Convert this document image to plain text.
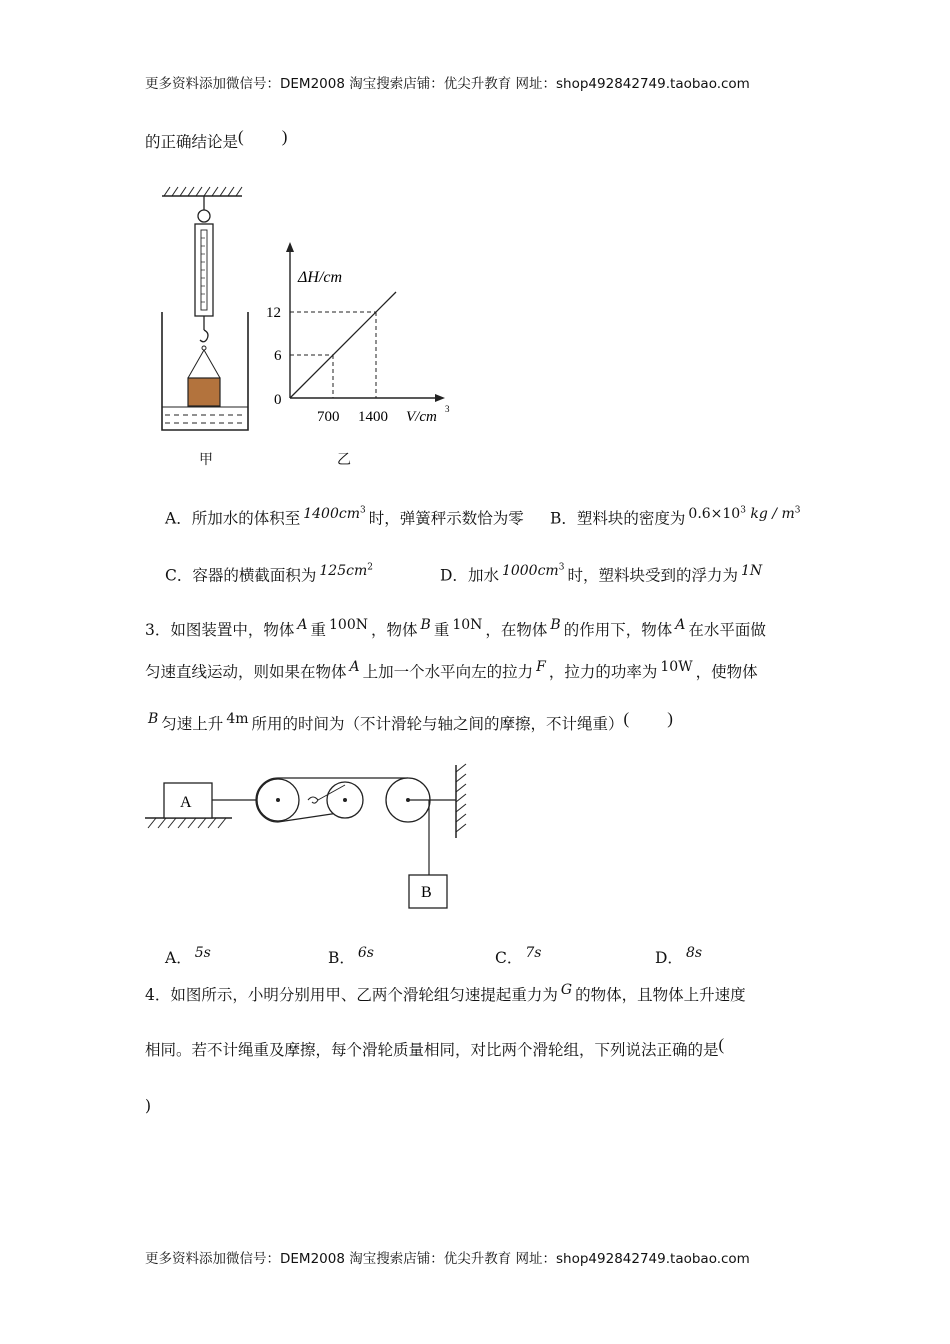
更多资料添加微信号：DEM2008 淘宝搜索店铺：优尖升教育 网址：shop492842749.taobao.com
的正确结论是( )
ΔH/cm
12
6
0
700 1400 V/cm 3
甲	乙
A．所加水的体积至 $1400cm^3$ 时，弹簧秤示数恰为零 B．塑料块的密度为 $0.6\times 10^3$ kg / $m^3$
C．容器的横截面积为 $125cm^2$	D．加水 $1000cm^3$ 时，塑料块受到的浮力为 1N
3．如图装置中，物体 A 重 100N ，物体 B 重 10N ，在物体 B 的作用下，物体 A 在水平面做
匀速直线运动，则如果在物体 A 上加一个水平向左的拉力 F ，拉力的功率为 10W ，使物体
B 匀速上升 4m 所用的时间为（不计滑轮与轴之间的摩擦，不计绳重）( )
A
B
A． 5s	B． 6s	C． 7s	D． 8s
4．如图所示，小明分别用甲、乙两个滑轮组匀速提起重力为 G 的物体，且物体上升速度
相同。若不计绳重及摩擦，每个滑轮质量相同，对比两个滑轮组，下列说法正确的是(
)
更多资料添加微信号：DEM2008 淘宝搜索店铺：优尖升教育 网址：shop492842749.taobao.com
